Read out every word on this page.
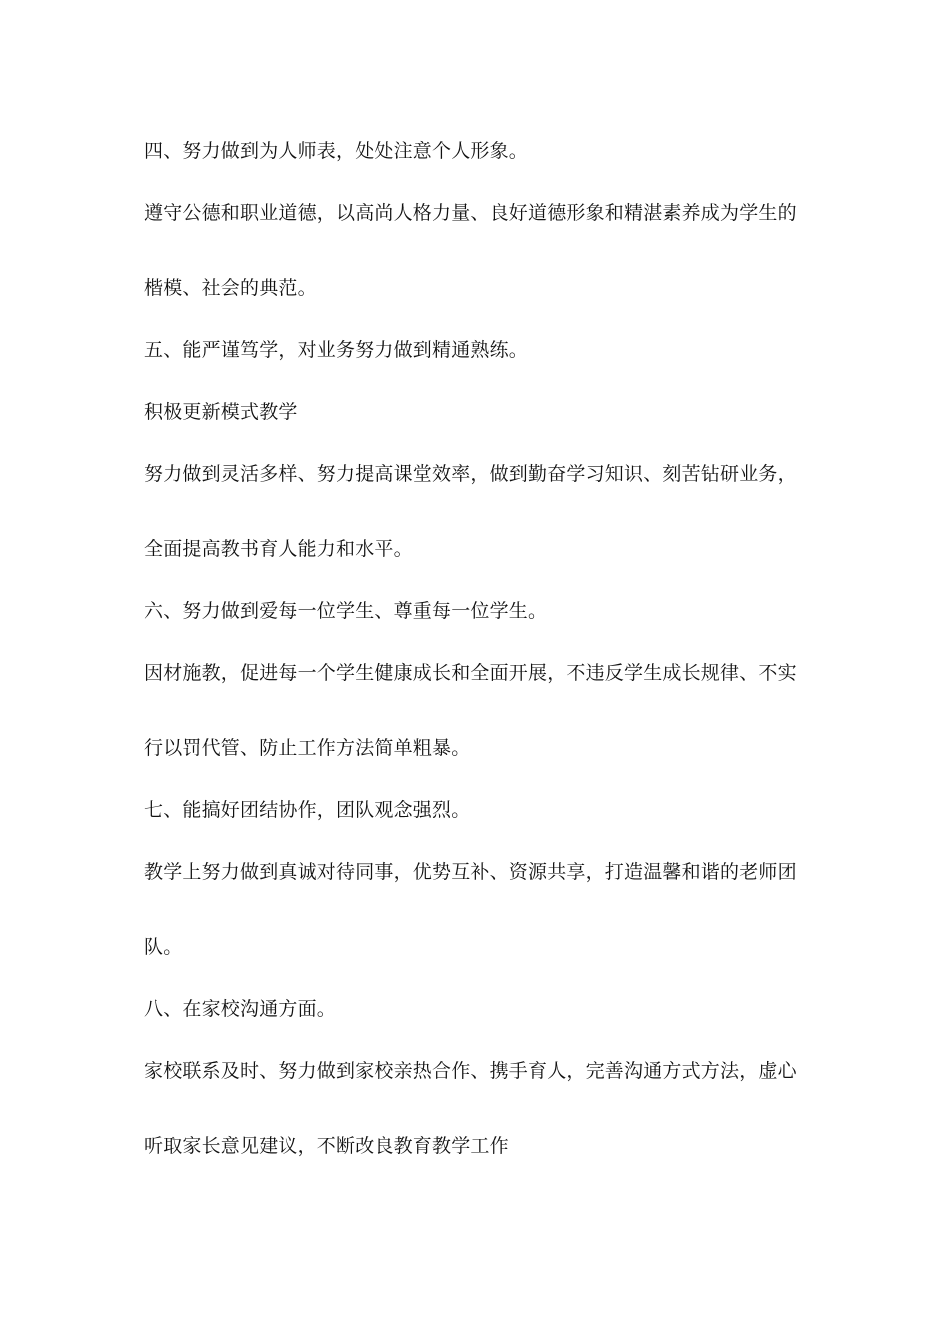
四、努力做到为人师表，处处注意个人形象。
遵守公德和职业道德，以高尚人格力量、良好道德形象和精湛素养成为学生的
楷模、社会的典范。
五、能严谨笃学，对业务努力做到精通熟练。
积极更新模式教学
努力做到灵活多样、努力提高课堂效率，做到勤奋学习知识、刻苦钻研业务，
全面提高教书育人能力和水平。
六、努力做到爱每一位学生、尊重每一位学生。
因材施教，促进每一个学生健康成长和全面开展，不违反学生成长规律、不实
行以罚代管、防止工作方法简单粗暴。
七、能搞好团结协作，团队观念强烈。
教学上努力做到真诚对待同事，优势互补、资源共享，打造温馨和谐的老师团
队。
八、在家校沟通方面。
家校联系及时、努力做到家校亲热合作、携手育人，完善沟通方式方法，虚心
听取家长意见建议，不断改良教育教学工作
